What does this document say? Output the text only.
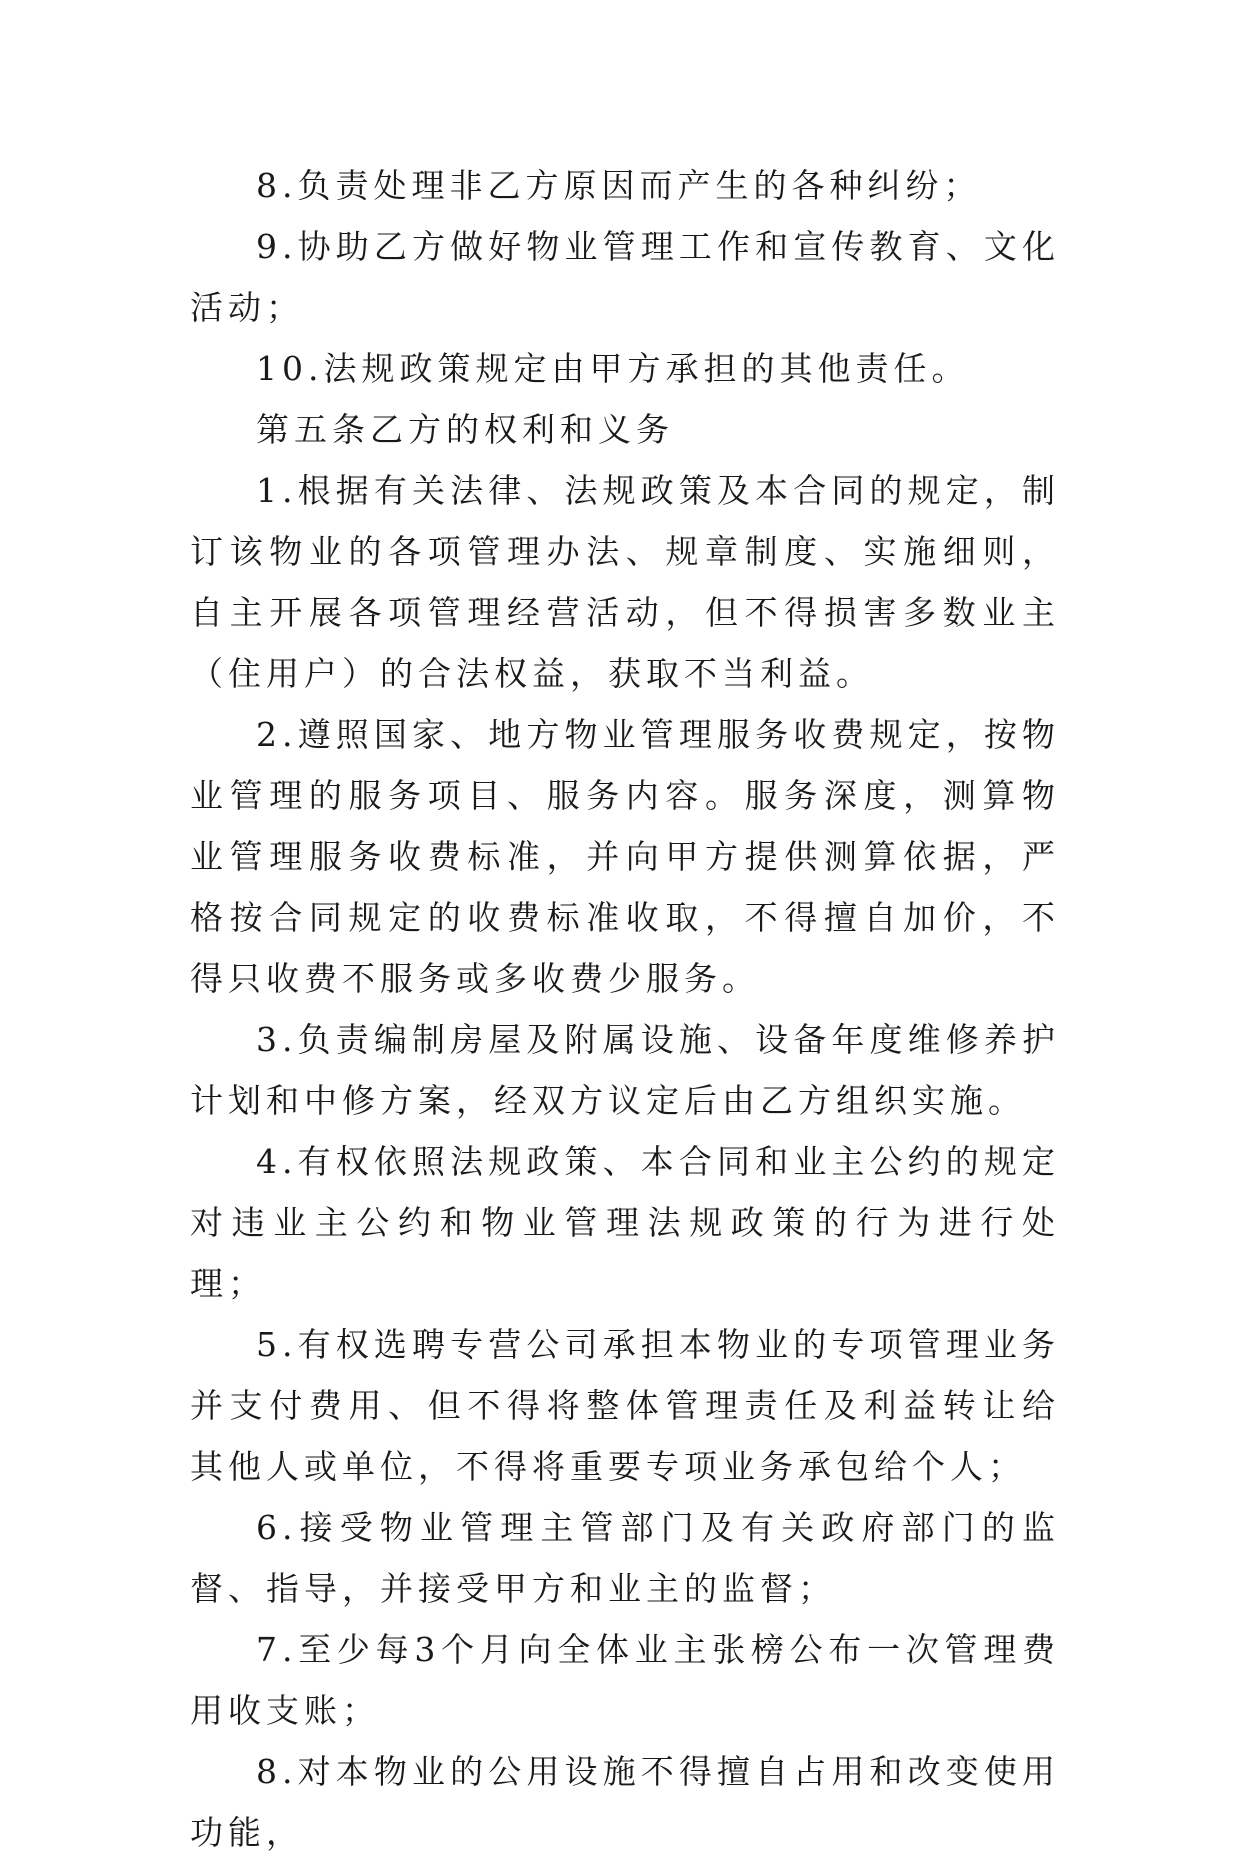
8.负责处理非乙方原因而产生的各种纠纷；

9.协助乙方做好物业管理工作和宣传教育、文化活动；

10.法规政策规定由甲方承担的其他责任。

第五条乙方的权利和义务

1.根据有关法律、法规政策及本合同的规定，制订该物业的各项管理办法、规章制度、实施细则，自主开展各项管理经营活动，但不得损害多数业主（住用户）的合法权益，获取不当利益。

2.遵照国家、地方物业管理服务收费规定，按物业管理的服务项目、服务内容。服务深度，测算物业管理服务收费标准，并向甲方提供测算依据，严格按合同规定的收费标准收取，不得擅自加价，不得只收费不服务或多收费少服务。

3.负责编制房屋及附属设施、设备年度维修养护计划和中修方案，经双方议定后由乙方组织实施。

4.有权依照法规政策、本合同和业主公约的规定对违业主公约和物业管理法规政策的行为进行处理；

5.有权选聘专营公司承担本物业的专项管理业务并支付费用、但不得将整体管理责任及利益转让给其他人或单位，不得将重要专项业务承包给个人；

6.接受物业管理主管部门及有关政府部门的监督、指导，并接受甲方和业主的监督；

7.至少每3个月向全体业主张榜公布一次管理费用收支账；

8.对本物业的公用设施不得擅自占用和改变使用功能，
